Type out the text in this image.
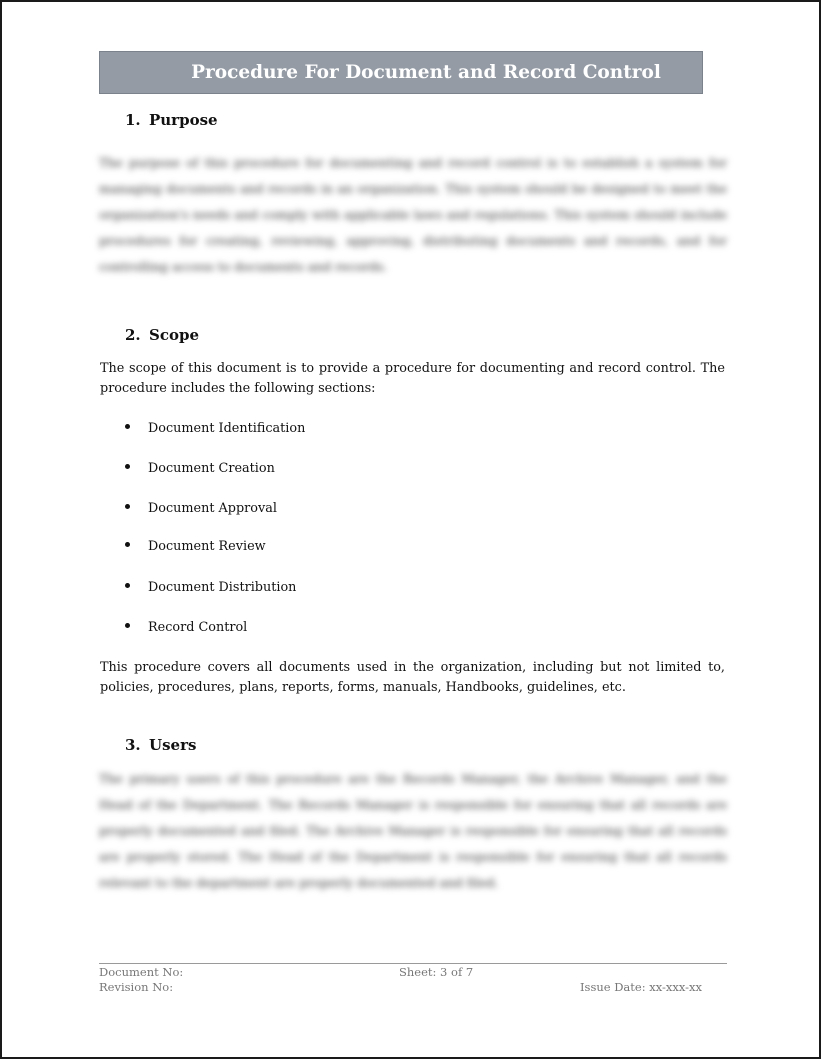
Procedure For Document and Record Control
1. Purpose
The purpose of this procedure for documenting and record control is to establish a system for managing documents and records in an organization. This system should be designed to meet the organization's needs and comply with applicable laws and regulations. This system should include procedures for creating, reviewing, approving, distributing documents and records, and for controlling access to documents and records.
2. Scope
The scope of this document is to provide a procedure for documenting and record control. The procedure includes the following sections:
Document Identification
Document Creation
Document Approval
Document Review
Document Distribution
Record Control
This procedure covers all documents used in the organization, including but not limited to, policies, procedures, plans, reports, forms, manuals, Handbooks, guidelines, etc.
3. Users
The primary users of this procedure are the Records Manager, the Archive Manager, and the Head of the Department. The Records Manager is responsible for ensuring that all records are properly documented and filed. The Archive Manager is responsible for ensuring that all records are properly stored. The Head of the Department is responsible for ensuring that all records relevant to the department are properly documented and filed.
Document No:
Revision No:
Sheet: 3 of 7
Issue Date: xx-xxx-xx
